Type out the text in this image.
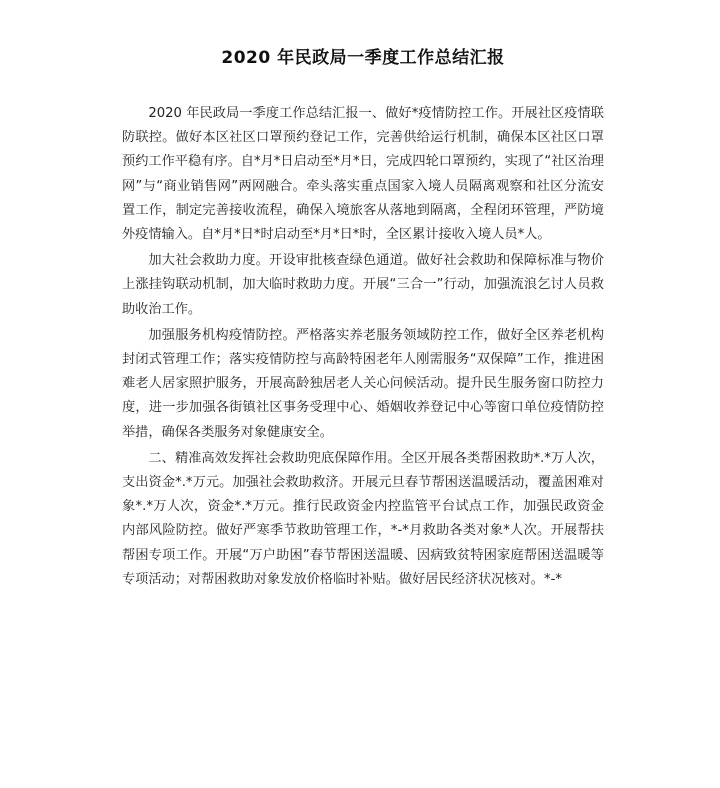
2020 年民政局一季度工作总结汇报

2020 年民政局一季度工作总结汇报一、做好*疫情防控工作。开展社区疫情联防联控。做好本区社区口罩预约登记工作，完善供给运行机制，确保本区社区口罩预约工作平稳有序。自*月*日启动至*月*日，完成四轮口罩预约，实现了“社区治理网”与“商业销售网”两网融合。牵头落实重点国家入境人员隔离观察和社区分流安置工作，制定完善接收流程，确保入境旅客从落地到隔离，全程闭环管理，严防境外疫情输入。自*月*日*时启动至*月*日*时，全区累计接收入境人员*人。

加大社会救助力度。开设审批核查绿色通道。做好社会救助和保障标准与物价上涨挂钩联动机制，加大临时救助力度。开展“三合一”行动，加强流浪乞讨人员救助收治工作。

加强服务机构疫情防控。严格落实养老服务领域防控工作，做好全区养老机构封闭式管理工作；落实疫情防控与高龄特困老年人刚需服务“双保障”工作，推进困难老人居家照护服务，开展高龄独居老人关心问候活动。提升民生服务窗口防控力度，进一步加强各街镇社区事务受理中心、婚姻收养登记中心等窗口单位疫情防控举措，确保各类服务对象健康安全。

二、精准高效发挥社会救助兜底保障作用。全区开展各类帮困救助*.*万人次，支出资金*.*万元。加强社会救助救济。开展元旦春节帮困送温暖活动，覆盖困难对象*.*万人次，资金*.*万元。推行民政资金内控监管平台试点工作，加强民政资金内部风险防控。做好严寒季节救助管理工作，*-*月救助各类对象*人次。开展帮扶帮困专项工作。开展“万户助困”春节帮困送温暖、因病致贫特困家庭帮困送温暖等专项活动；对帮困救助对象发放价格临时补贴。做好居民经济状况核对。*-*
